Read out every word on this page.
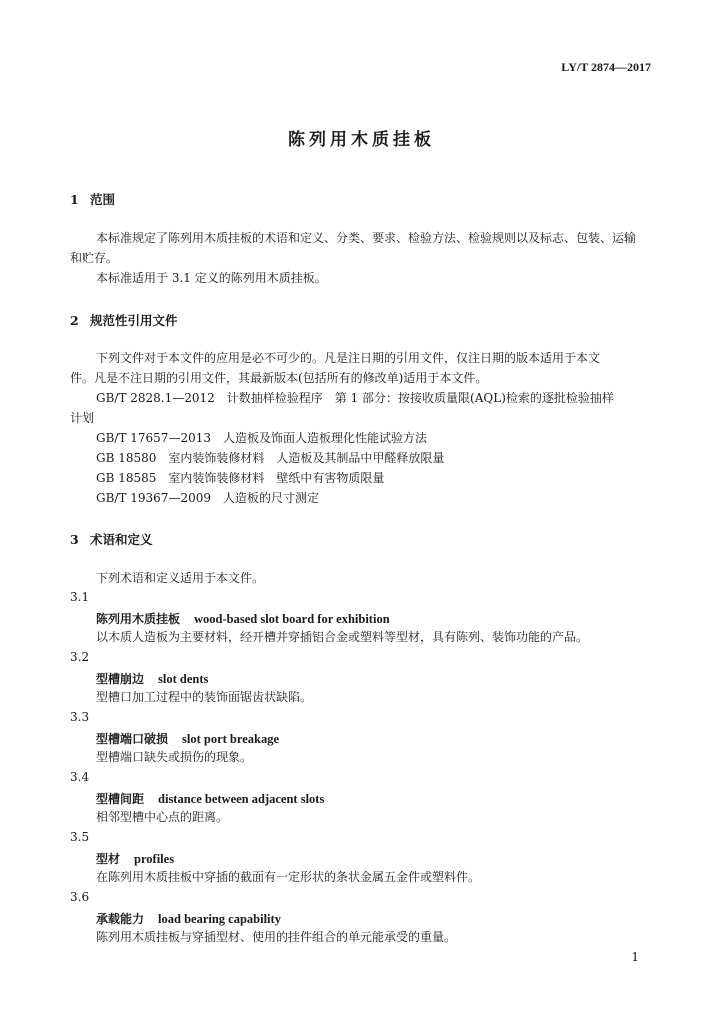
LY/T 2874—2017
陈列用木质挂板
1 范围
本标准规定了陈列用木质挂板的术语和定义、分类、要求、检验方法、检验规则以及标志、包装、运输
和贮存。
本标准适用于 3.1 定义的陈列用木质挂板。
2 规范性引用文件
下列文件对于本文件的应用是必不可少的。凡是注日期的引用文件，仅注日期的版本适用于本文
件。凡是不注日期的引用文件，其最新版本(包括所有的修改单)适用于本文件。
GB/T 2828.1—2012　计数抽样检验程序　第 1 部分：按接收质量限(AQL)检索的逐批检验抽样
计划
GB/T 17657—2013　人造板及饰面人造板理化性能试验方法
GB 18580　室内装饰装修材料　人造板及其制品中甲醛释放限量
GB 18585　室内装饰装修材料　壁纸中有害物质限量
GB/T 19367—2009　人造板的尺寸测定
3 术语和定义
下列术语和定义适用于本文件。
3.1
陈列用木质挂板 wood-based slot board for exhibition
以木质人造板为主要材料，经开槽并穿插铝合金或塑料等型材，具有陈列、装饰功能的产品。
3.2
型槽崩边 slot dents
型槽口加工过程中的装饰面锯齿状缺陷。
3.3
型槽端口破损 slot port breakage
型槽端口缺失或损伤的现象。
3.4
型槽间距 distance between adjacent slots
相邻型槽中心点的距离。
3.5
型材 profiles
在陈列用木质挂板中穿插的截面有一定形状的条状金属五金件或塑料件。
3.6
承载能力 load bearing capability
陈列用木质挂板与穿插型材、使用的挂件组合的单元能承受的重量。
1
